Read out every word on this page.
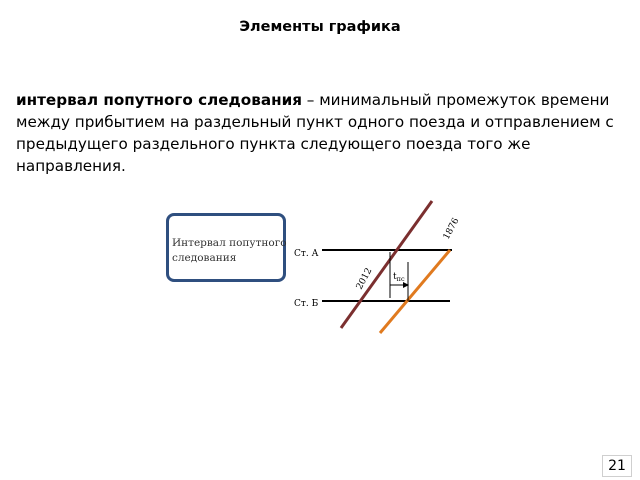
Элементы графика
интервал попутного следования – минимальный промежуток времени между прибытием на раздельный пункт одного поезда и отправлением с предыдущего раздельного пункта следующего поезда того же направления.
Интервал попутного следования	Ст. А
Ст. Б
2012
1876
$t_{пс}$
21
